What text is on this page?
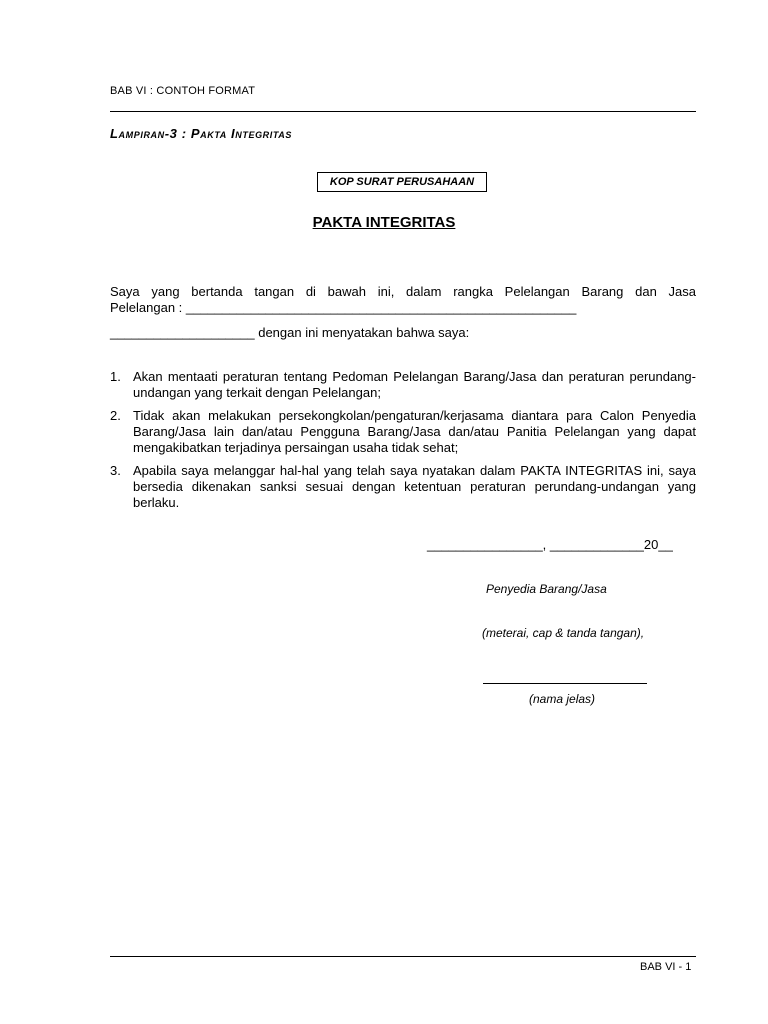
BAB VI : CONTOH FORMAT
Lampiran-3 : Pakta Integritas
KOP SURAT PERUSAHAAN
PAKTA INTEGRITAS
Saya yang bertanda tangan di bawah ini, dalam rangka Pelelangan Barang dan Jasa
Pelelangan : ______________________________________________________
____________________ dengan ini menyatakan bahwa saya:
1. Akan mentaati peraturan tentang Pedoman Pelelangan Barang/Jasa dan peraturan perundang-undangan yang terkait dengan Pelelangan;
2. Tidak akan melakukan persekongkolan/pengaturan/kerjasama diantara para Calon Penyedia Barang/Jasa lain dan/atau Pengguna Barang/Jasa dan/atau Panitia Pelelangan yang dapat mengakibatkan terjadinya persaingan usaha tidak sehat;
3. Apabila saya melanggar hal-hal yang telah saya nyatakan dalam PAKTA INTEGRITAS ini, saya bersedia dikenakan sanksi sesuai dengan ketentuan peraturan perundang-undangan yang berlaku.
________________, _____________20__
Penyedia Barang/Jasa
(meterai, cap & tanda tangan),
(nama jelas)
BAB VI - 1
